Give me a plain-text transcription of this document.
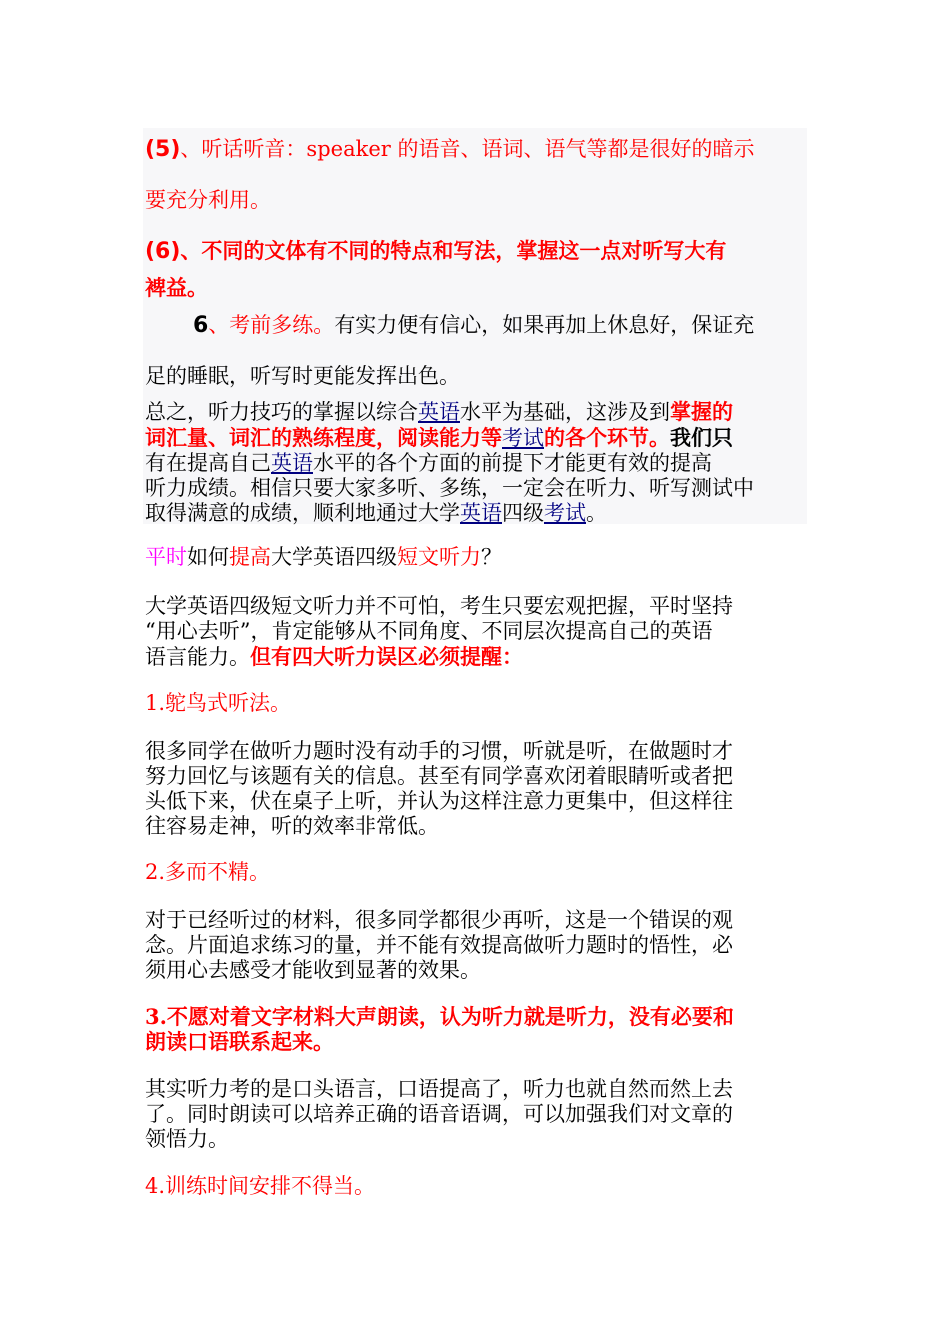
(5)、听话听音：speaker 的语音、语词、语气等都是很好的暗示
要充分利用。
(6)、不同的文体有不同的特点和写法，掌握这一点对听写大有
裨益。
6、考前多练。有实力便有信心，如果再加上休息好，保证充
足的睡眠，听写时更能发挥出色。
总之，听力技巧的掌握以综合英语水平为基础，这涉及到掌握的
词汇量、词汇的熟练程度，阅读能力等考试的各个环节。我们只
有在提高自己英语水平的各个方面的前提下才能更有效的提高
听力成绩。相信只要大家多听、多练，一定会在听力、听写测试中
取得满意的成绩，顺利地通过大学英语四级考试。
平时如何提高大学英语四级短文听力？
大学英语四级短文听力并不可怕，考生只要宏观把握，平时坚持
“用心去听”，肯定能够从不同角度、不同层次提高自己的英语
语言能力。但有四大听力误区必须提醒：
1.鸵鸟式听法。
很多同学在做听力题时没有动手的习惯，听就是听，在做题时才
努力回忆与该题有关的信息。甚至有同学喜欢闭着眼睛听或者把
头低下来，伏在桌子上听，并认为这样注意力更集中，但这样往
往容易走神，听的效率非常低。
2.多而不精。
对于已经听过的材料，很多同学都很少再听，这是一个错误的观
念。片面追求练习的量，并不能有效提高做听力题时的悟性，必
须用心去感受才能收到显著的效果。
3.不愿对着文字材料大声朗读，认为听力就是听力，没有必要和
朗读口语联系起来。
其实听力考的是口头语言，口语提高了，听力也就自然而然上去
了。同时朗读可以培养正确的语音语调，可以加强我们对文章的
领悟力。
4.训练时间安排不得当。
